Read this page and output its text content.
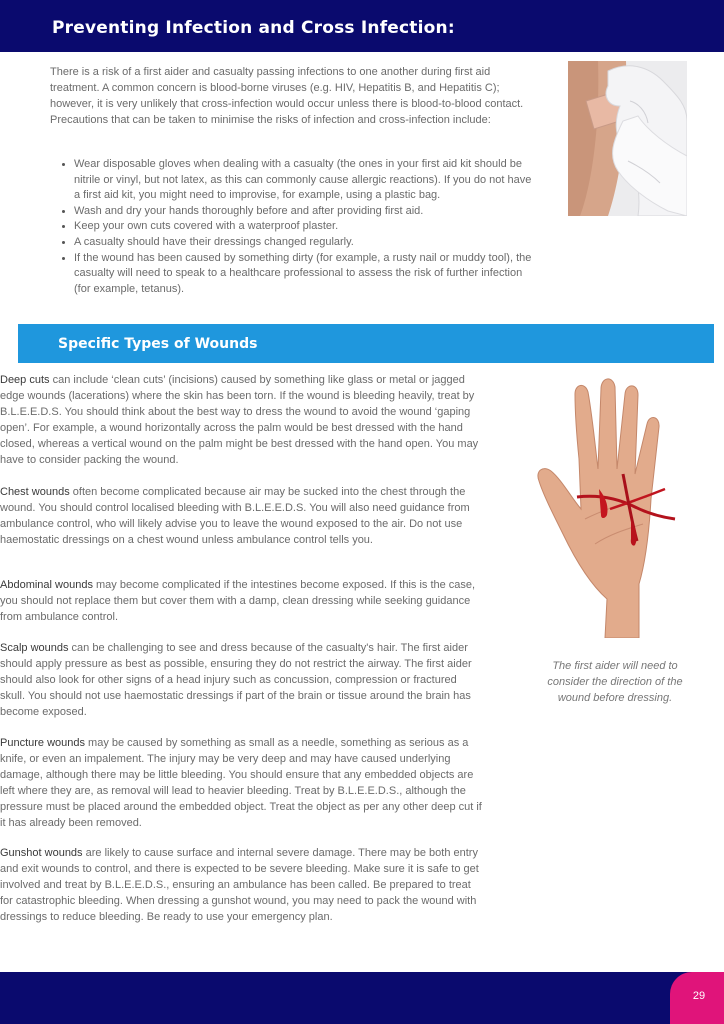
Preventing Infection and Cross Infection:

There is a risk of a first aider and casualty passing infections to one another during first aid treatment. A common concern is blood-borne viruses (e.g. HIV, Hepatitis B, and Hepatitis C); however, it is very unlikely that cross-infection would occur unless there is blood-to-blood contact. Precautions that can be taken to minimise the risks of infection and cross-infection include:

• Wear disposable gloves when dealing with a casualty (the ones in your first aid kit should be nitrile or vinyl, but not latex, as this can commonly cause allergic reactions). If you do not have a first aid kit, you might need to improvise, for example, using a plastic bag.
• Wash and dry your hands thoroughly before and after providing first aid.
• Keep your own cuts covered with a waterproof plaster.
• A casualty should have their dressings changed regularly.
• If the wound has been caused by something dirty (for example, a rusty nail or muddy tool), the casualty will need to speak to a healthcare professional to assess the risk of further infection (for example, tetanus).
Specific Types of Wounds

Deep cuts can include ‘clean cuts’ (incisions) caused by something like glass or metal or jagged edge wounds (lacerations) where the skin has been torn. If the wound is bleeding heavily, treat by B.L.E.E.D.S. You should think about the best way to dress the wound to avoid the wound ‘gaping open’. For example, a wound horizontally across the palm would be best dressed with the hand closed, whereas a vertical wound on the palm might be best dressed with the hand open. You may have to consider packing the wound.

Chest wounds often become complicated because air may be sucked into the chest through the wound. You should control localised bleeding with B.L.E.E.D.S. You will also need guidance from ambulance control, who will likely advise you to leave the wound exposed to the air. Do not use haemostatic dressings on a chest wound unless ambulance control tells you.

Abdominal wounds may become complicated if the intestines become exposed. If this is the case, you should not replace them but cover them with a damp, clean dressing while seeking guidance from ambulance control.

Scalp wounds can be challenging to see and dress because of the casualty's hair. The first aider should apply pressure as best as possible, ensuring they do not restrict the airway. The first aider should also look for other signs of a head injury such as concussion, compression or fractured skull. You should not use haemostatic dressings if part of the brain or tissue around the brain has become exposed.

Puncture wounds may be caused by something as small as a needle, something as serious as a knife, or even an impalement. The injury may be very deep and may have caused underlying damage, although there may be little bleeding. You should ensure that any embedded objects are left where they are, as removal will lead to heavier bleeding. Treat by B.L.E.E.D.S., although the pressure must be placed around the embedded object. Treat the object as per any other deep cut if it has already been removed.

Gunshot wounds are likely to cause surface and internal severe damage. There may be both entry and exit wounds to control, and there is expected to be severe bleeding. Make sure it is safe to get involved and treat by B.L.E.E.D.S., ensuring an ambulance has been called. Be prepared to treat for catastrophic bleeding. When dressing a gunshot wound, you may need to pack the wound with dressings to reduce bleeding. Be ready to use your emergency plan.

The first aider will need to consider the direction of the wound before dressing.

29
